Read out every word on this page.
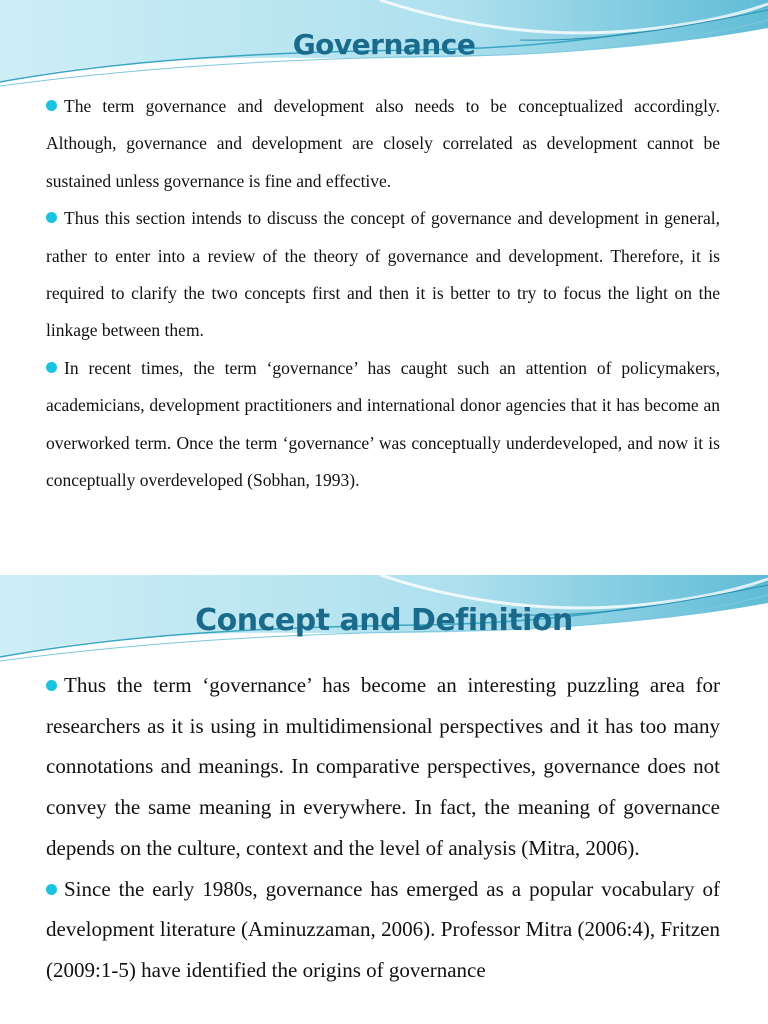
Governance

The term governance and development also needs to be conceptualized accordingly. Although, governance and development are closely correlated as development cannot be sustained unless governance is fine and effective.

Thus this section intends to discuss the concept of governance and development in general, rather to enter into a review of the theory of governance and development. Therefore, it is required to clarify the two concepts first and then it is better to try to focus the light on the linkage between them.

In recent times, the term ‘governance’ has caught such an attention of policymakers, academicians, development practitioners and international donor agencies that it has become an overworked term. Once the term ‘governance’ was conceptually underdeveloped, and now it is conceptually overdeveloped (Sobhan, 1993).

Concept and Definition

Thus the term ‘governance’ has become an interesting puzzling area for researchers as it is using in multidimensional perspectives and it has too many connotations and meanings. In comparative perspectives, governance does not convey the same meaning in everywhere. In fact, the meaning of governance depends on the culture, context and the level of analysis (Mitra, 2006).

Since the early 1980s, governance has emerged as a popular vocabulary of development literature (Aminuzzaman, 2006). Professor Mitra (2006:4), Fritzen (2009:1-5) have identified the origins of governance
